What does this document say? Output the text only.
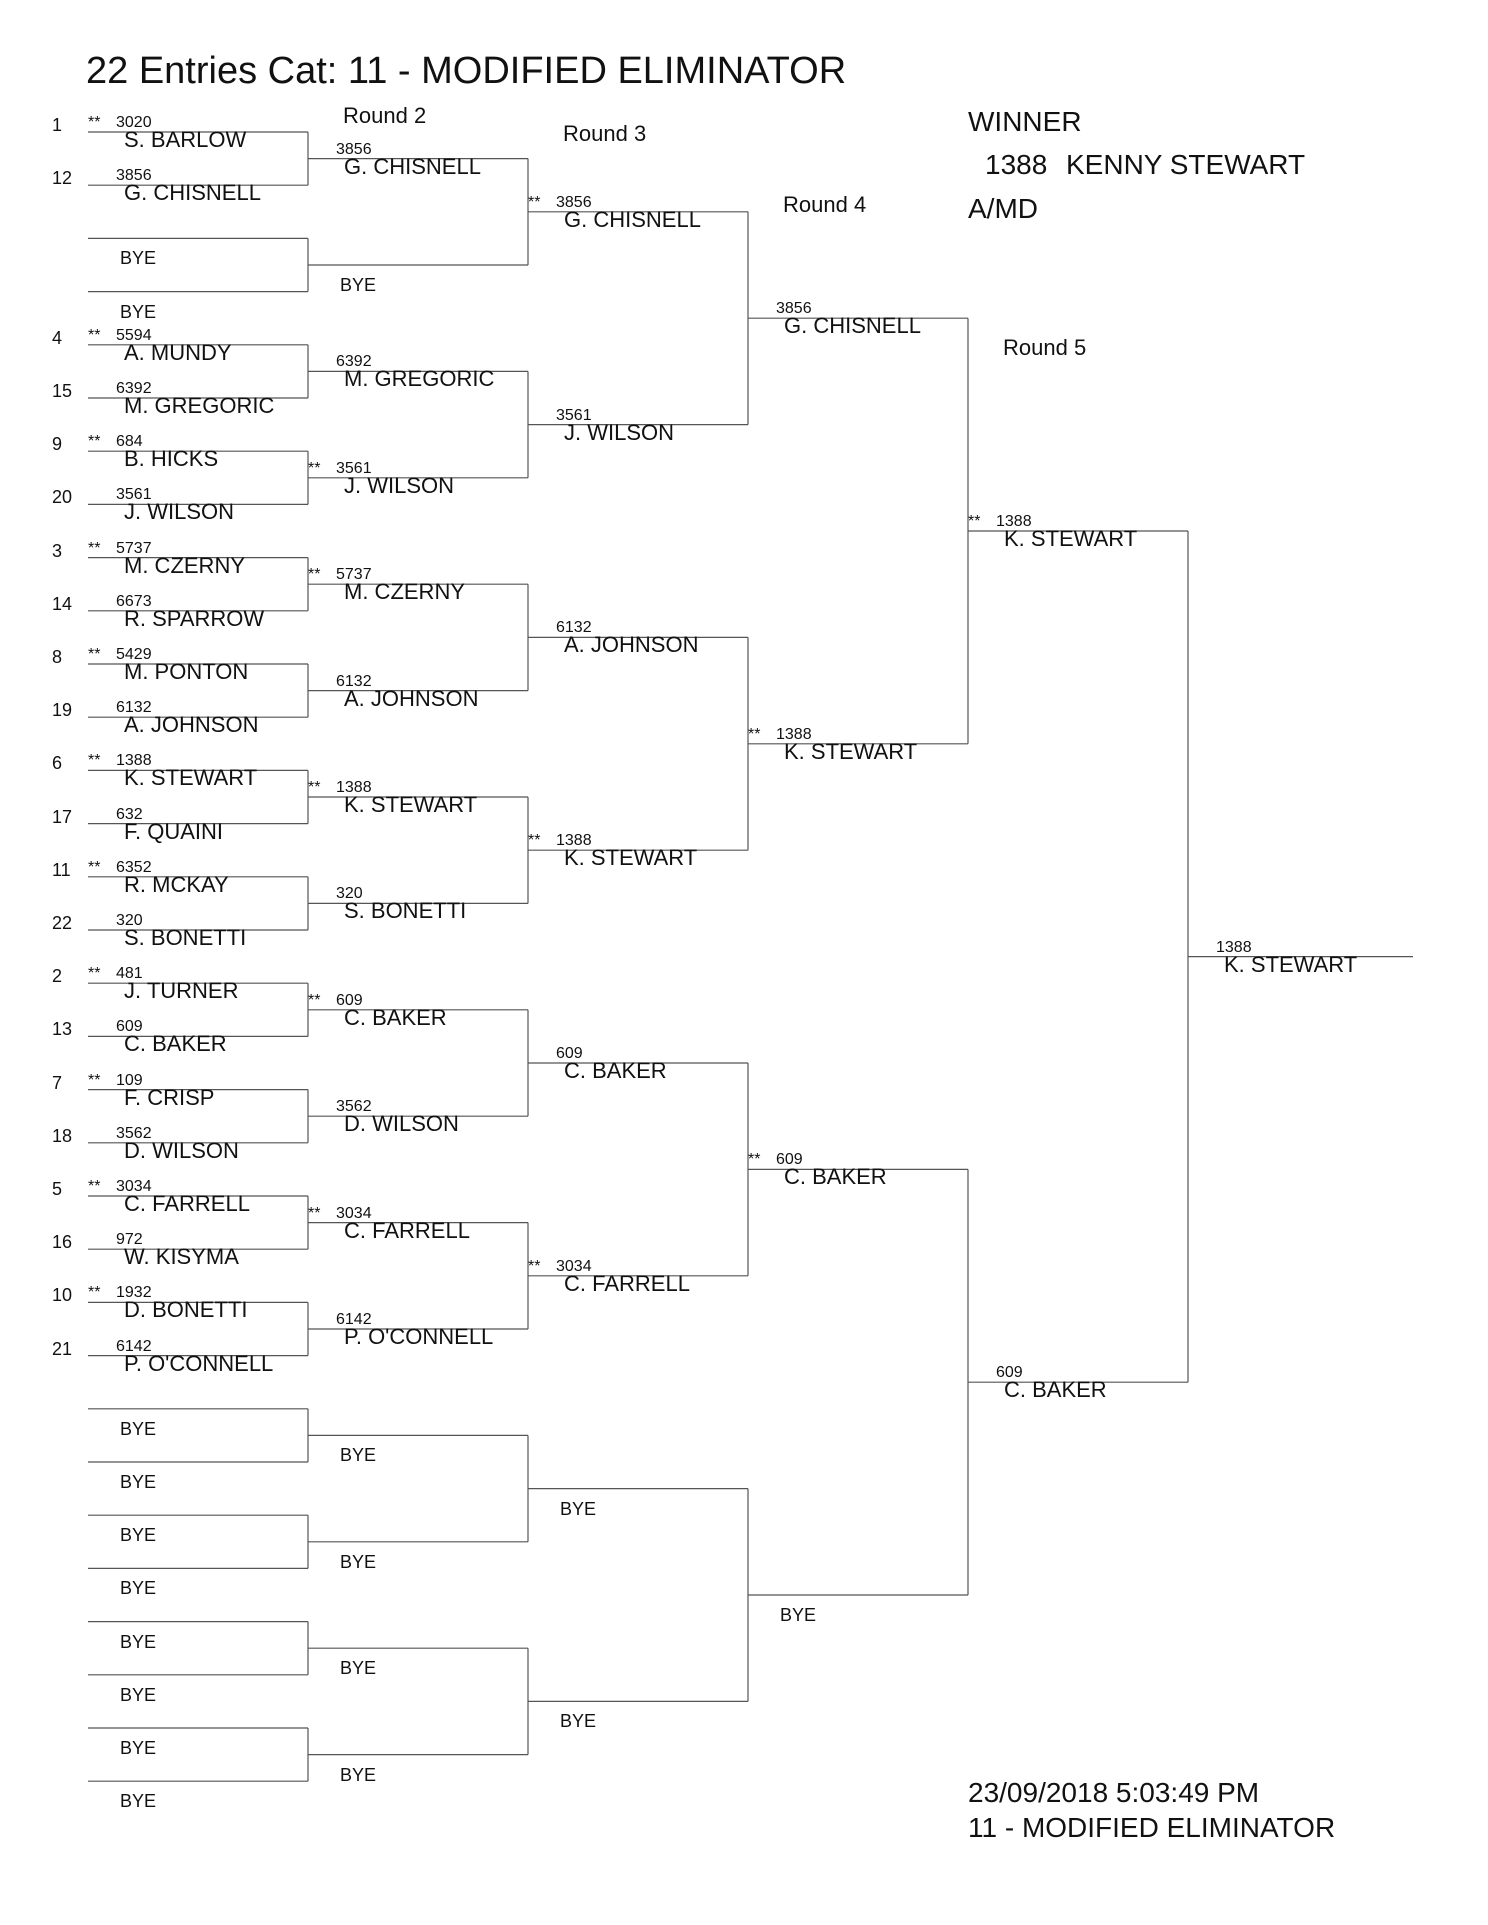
22 Entries Cat: 11 - MODIFIED ELIMINATOR
Round 2
Round 3
Round 4
Round 5
WINNER
1388 KENNY STEWART
A/MD
23/09/2018 5:03:49 PM
11 - MODIFIED ELIMINATOR
1 ** 3020
S. BARLOW
12	3856
G. CHISNELL
BYE
BYE
4 ** 5594
A. MUNDY
15	6392
M. GREGORIC
9 ** 684
B. HICKS
20	3561
J. WILSON
3 ** 5737
M. CZERNY
14	6673
R. SPARROW
8 ** 5429
M. PONTON
19	6132
A. JOHNSON
6 ** 1388
K. STEWART
17	632
F. QUAINI
11 ** 6352
R. MCKAY
22	320
S. BONETTI
2 ** 481
J. TURNER
13	609
C. BAKER
7 ** 109
F. CRISP
18	3562
D. WILSON
5 ** 3034
C. FARRELL
16	972
W. KISYMA
10 ** 1932
D. BONETTI
21	6142
P. O'CONNELL
BYE
BYE
BYE
BYE
BYE
BYE
BYE
BYE
3856
G. CHISNELL
BYE
6392
M. GREGORIC
** 3561
J. WILSON
** 5737
M. CZERNY
6132
A. JOHNSON
** 1388
K. STEWART
320
S. BONETTI
** 609
C. BAKER
3562
D. WILSON
** 3034
C. FARRELL
6142
P. O'CONNELL
BYE
BYE
BYE
BYE
** 3856
G. CHISNELL
3561
J. WILSON
6132
A. JOHNSON
** 1388
K. STEWART
609
C. BAKER
** 3034
C. FARRELL
BYE
BYE
3856
G. CHISNELL
** 1388
K. STEWART
** 609
C. BAKER
BYE
** 1388
K. STEWART
609
C. BAKER
1388
K. STEWART
